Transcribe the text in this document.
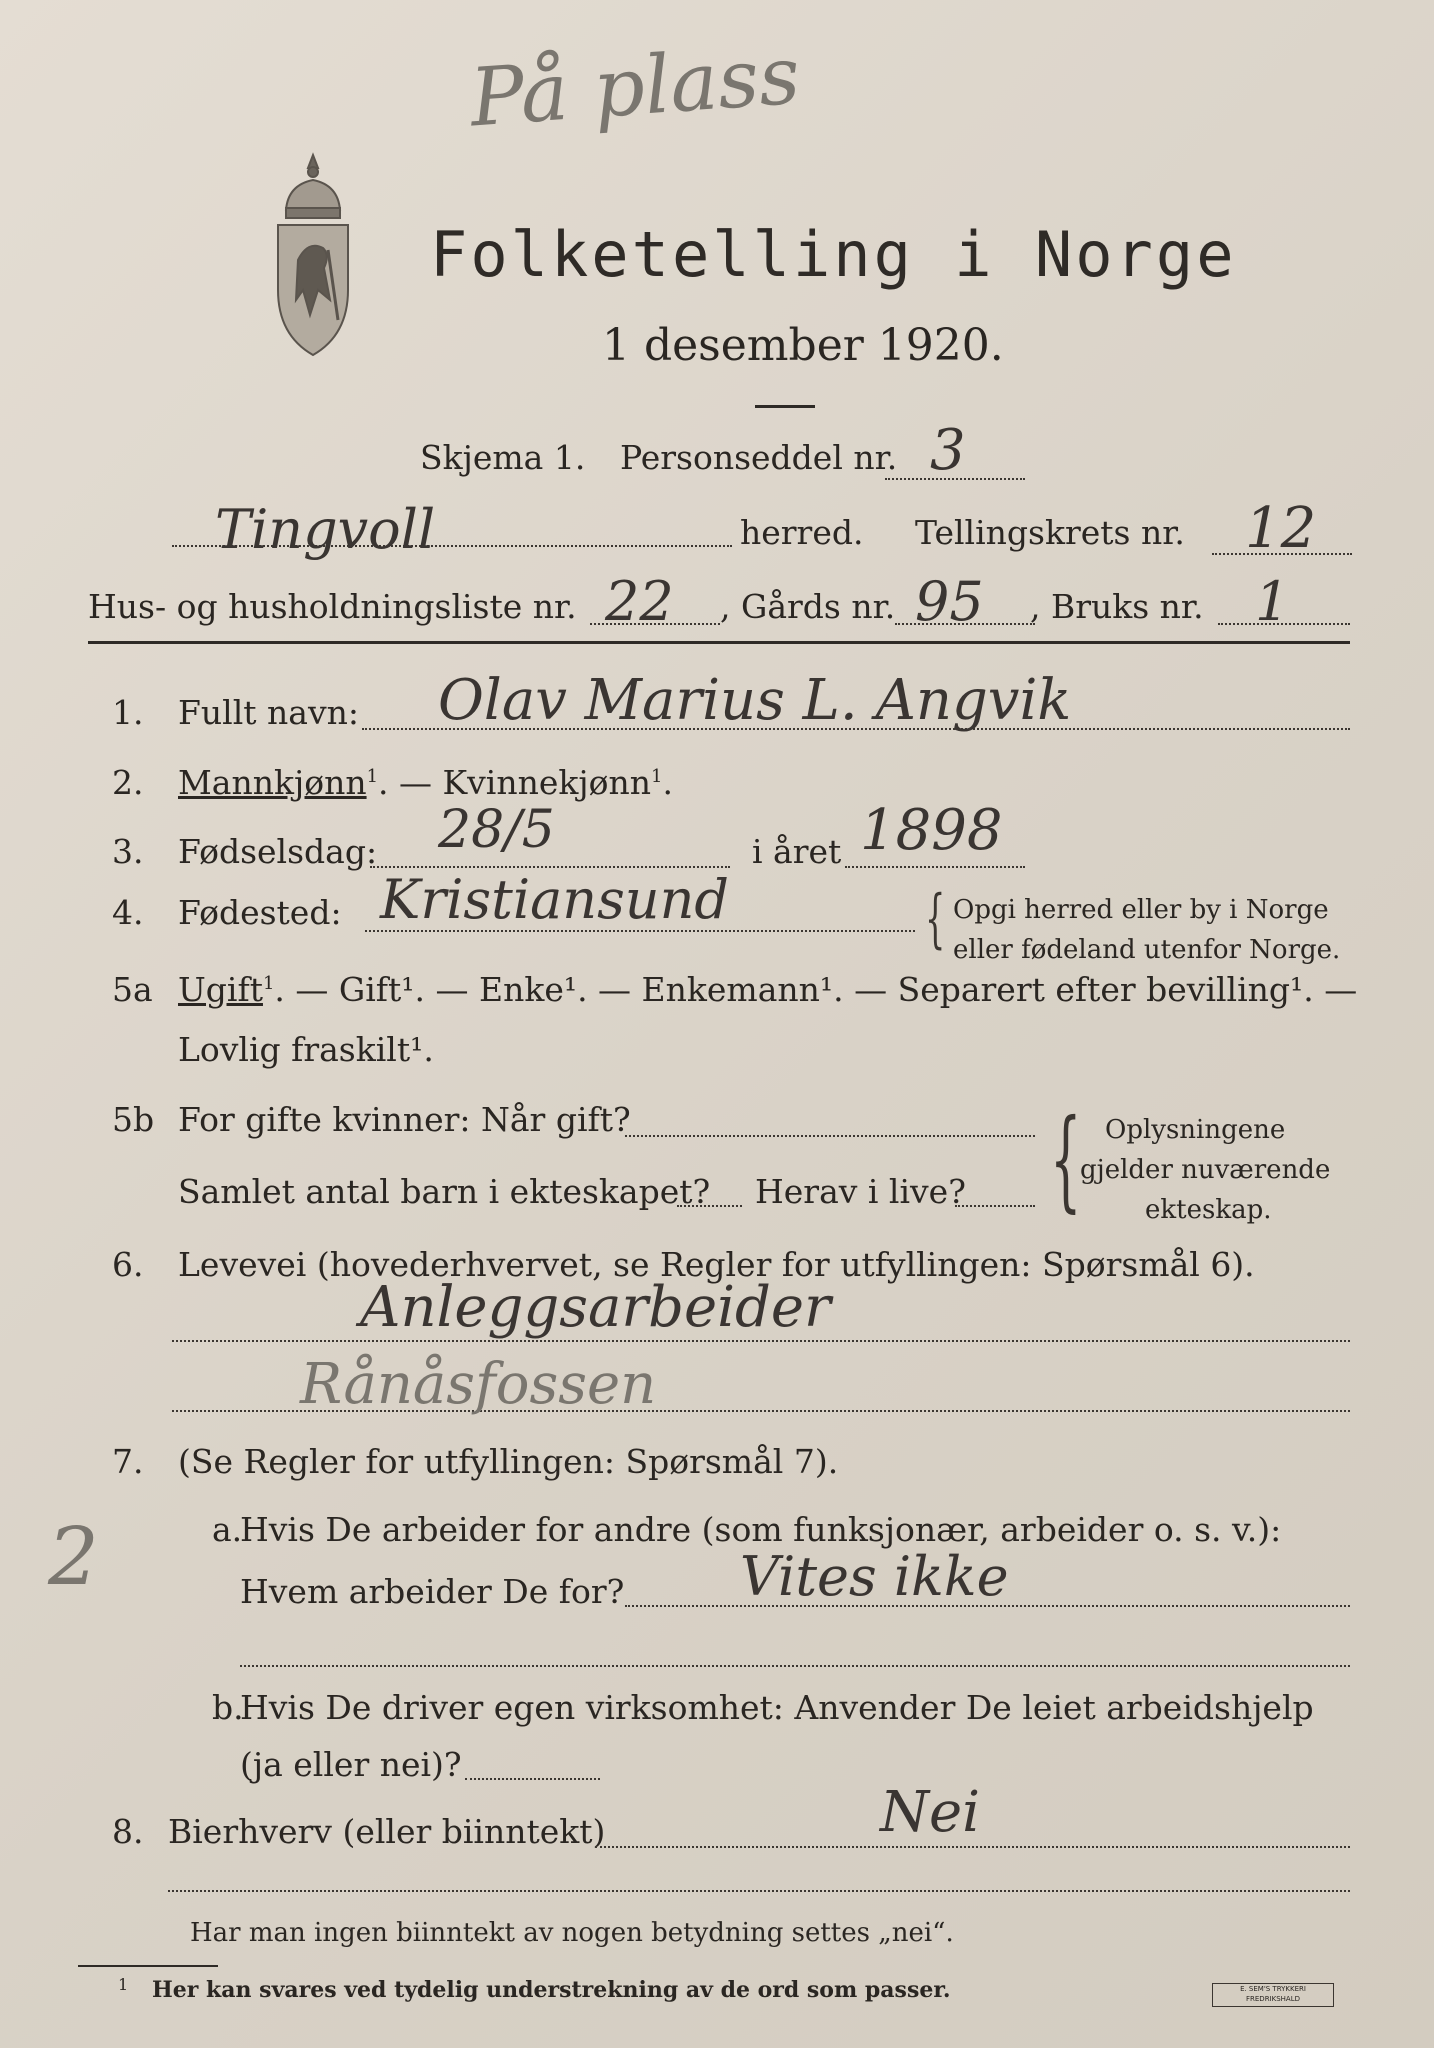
På plass
Folketelling i Norge
1 desember 1920.
Skjema 1. Personseddel nr. 3
Tingvoll	herred. Tellingskrets nr. 12
Hus- og husholdningsliste nr. 22 , Gårds nr. 95 , Bruks nr. 1
1. Fullt navn: Olav Marius L. Angvik
2. Mannkjønn$^1$. — Kvinnekjønn$^1$.
3. Fødselsdag: 28/5	i året 1898
4. Fødested: Kristiansund	{ Opgi herred eller by i Norge
eller fødeland utenfor Norge.
5a Ugift$^1$. — Gift¹. — Enke¹. — Enkemann¹. — Separert efter bevilling¹. —
Lovlig fraskilt¹.
5b For gifte kvinner: Når gift?
Samlet antal barn i ekteskapet? Herav i live? { Oplysningene
gjelder nuværende
ekteskap.
6. Levevei (hovederhvervet, se Regler for utfyllingen: Spørsmål 6).
Anleggsarbeider
Rånåsfossen
7. (Se Regler for utfyllingen: Spørsmål 7).
2	a.
Hvis De arbeider for andre (som funksjonær, arbeider o. s. v.):
Hvem arbeider De for? Vites ikke
b.
Hvis De driver egen virksomhet: Anvender De leiet arbeidshjelp
(ja eller nei)?
8. Bierhverv (eller biinntekt)	Nei
Har man ingen biinntekt av nogen betydning settes „nei“.
1 Her kan svares ved tydelig understrekning av de ord som passer.	E. SEM'S TRYKKERI FREDRIKSHALD
